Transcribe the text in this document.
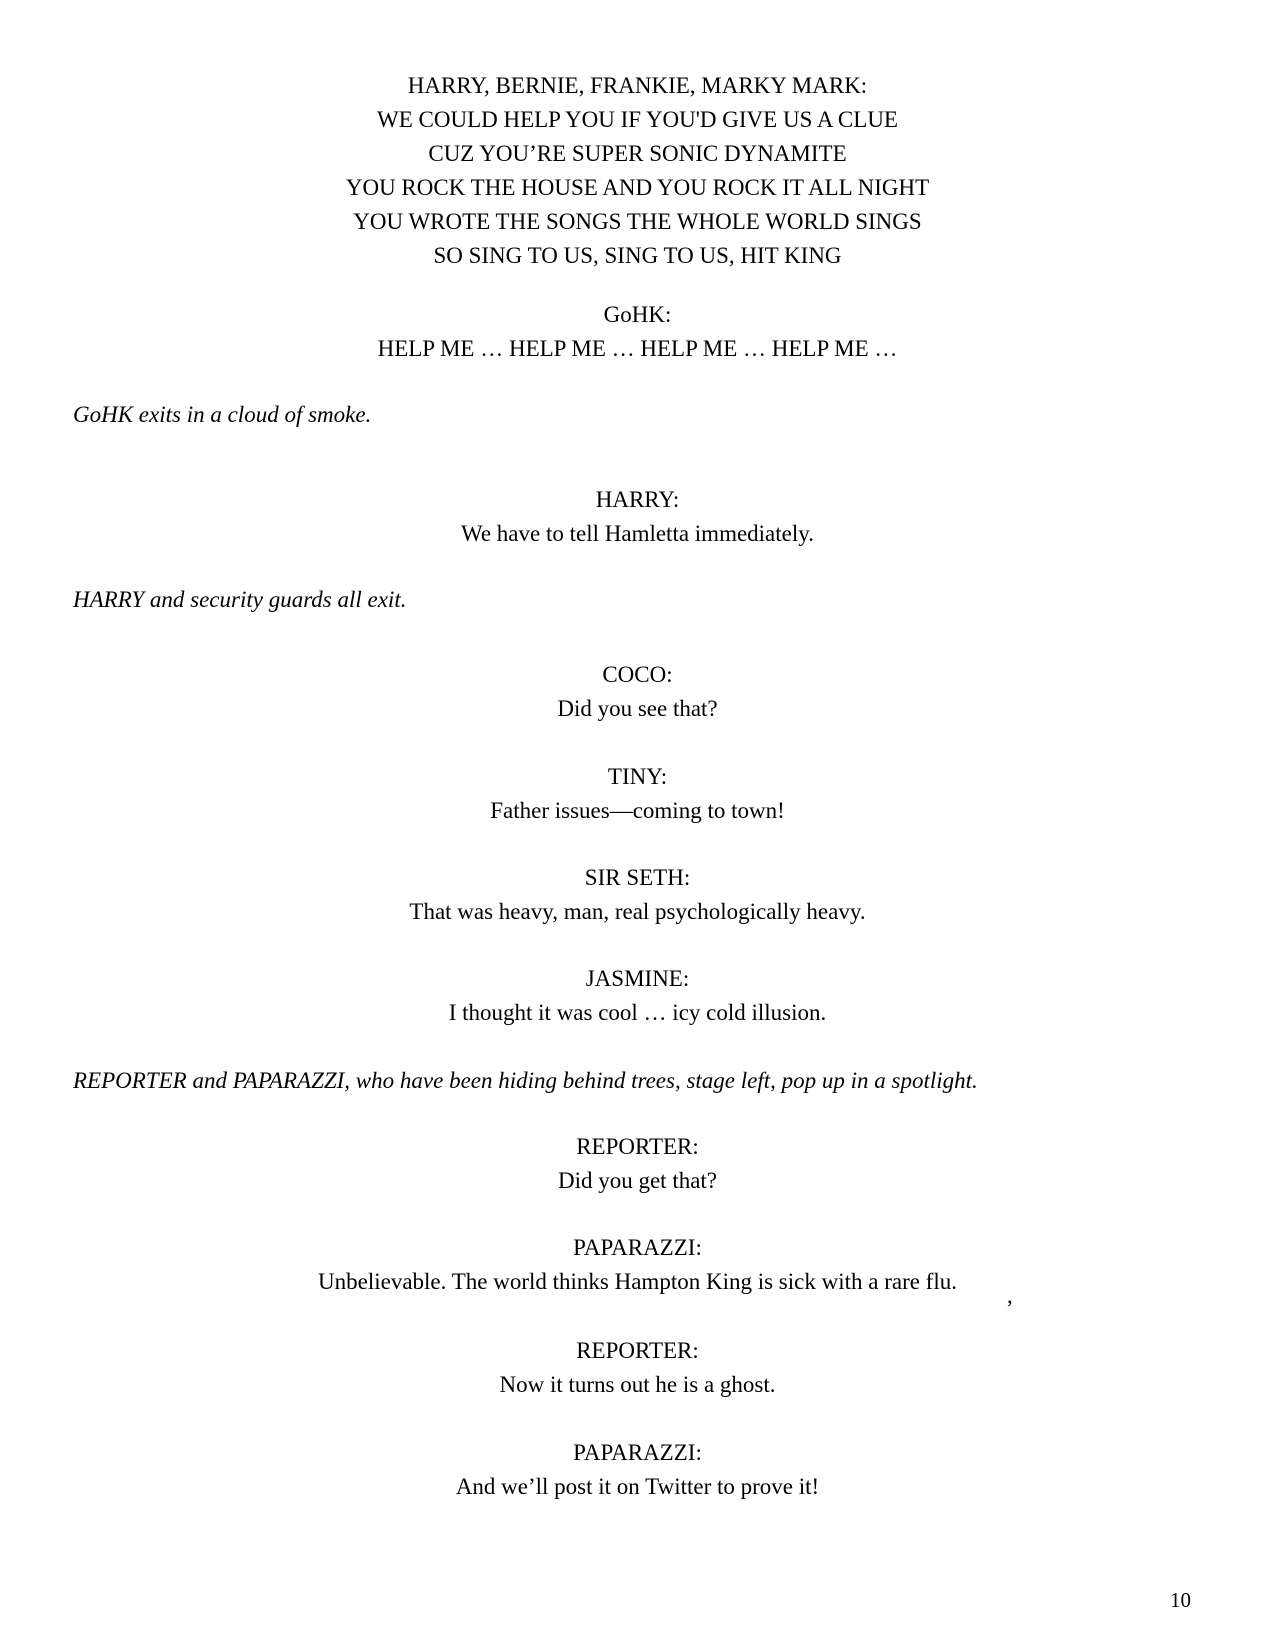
HARRY, BERNIE, FRANKIE, MARKY MARK:
WE COULD HELP YOU IF YOU'D GIVE US A CLUE
CUZ YOU’RE SUPER SONIC DYNAMITE
YOU ROCK THE HOUSE AND YOU ROCK IT ALL NIGHT
YOU WROTE THE SONGS THE WHOLE WORLD SINGS
SO SING TO US, SING TO US, HIT KING
GoHK:
HELP ME … HELP ME … HELP ME … HELP ME …
GoHK exits in a cloud of smoke.
HARRY:
We have to tell Hamletta immediately.
HARRY and security guards all exit.
COCO:
Did you see that?
TINY:
Father issues—coming to town!
SIR SETH:
That was heavy, man, real psychologically heavy.
JASMINE:
I thought it was cool … icy cold illusion.
REPORTER and PAPARAZZI, who have been hiding behind trees, stage left, pop up in a spotlight.
REPORTER:
Did you get that?
PAPARAZZI:
Unbelievable. The world thinks Hampton King is sick with a rare flu.
,
REPORTER:
Now it turns out he is a ghost.
PAPARAZZI:
And we’ll post it on Twitter to prove it!
10
